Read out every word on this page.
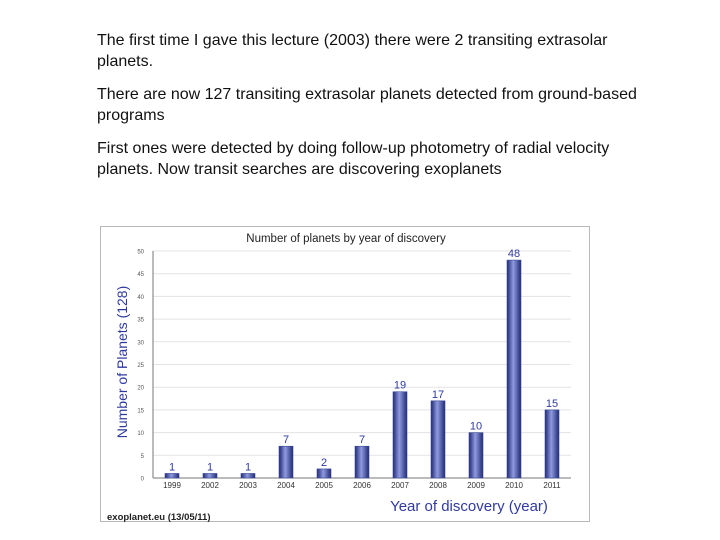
The first time I gave this lecture (2003) there were 2 transiting extrasolar planets.

There are now 127 transiting extrasolar planets detected from ground-based programs

First ones were detected by doing follow-up photometry of radial velocity planets. Now transit searches are discovering exoplanets

Number of planets by year of discovery
Number of Planets (128)
Year of discovery (year)
exoplanet.eu (13/05/11)
0
5
10
15
20
25
30
35
40
45
50
1
1999
1
2002
1
2003
7
2004
2
2005
7
2006
19
2007
17
2008
10
2009
48
2010
15
2011
